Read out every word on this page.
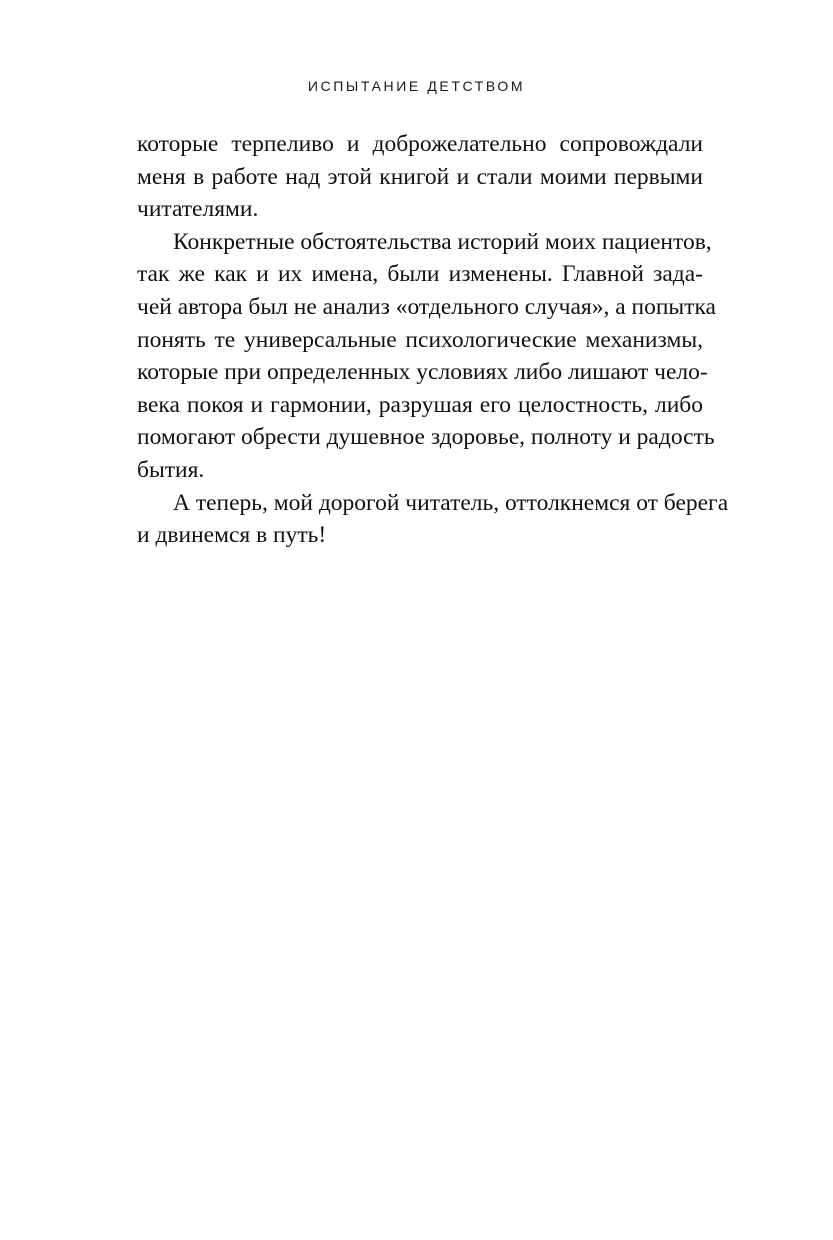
ИСПЫТАНИЕ ДЕТСТВОМ
которые терпеливо и доброжелательно сопровождали
меня в работе над этой книгой и стали моими первыми
читателями.
Конкретные обстоятельства историй моих пациентов,
так же как и их имена, были изменены. Главной зада-
чей автора был не анализ «отдельного случая», а попытка
понять те универсальные психологические механизмы,
которые при определенных условиях либо лишают чело-
века покоя и гармонии, разрушая его целостность, либо
помогают обрести душевное здоровье, полноту и радость
бытия.
А теперь, мой дорогой читатель, оттолкнемся от берега
и двинемся в путь!
